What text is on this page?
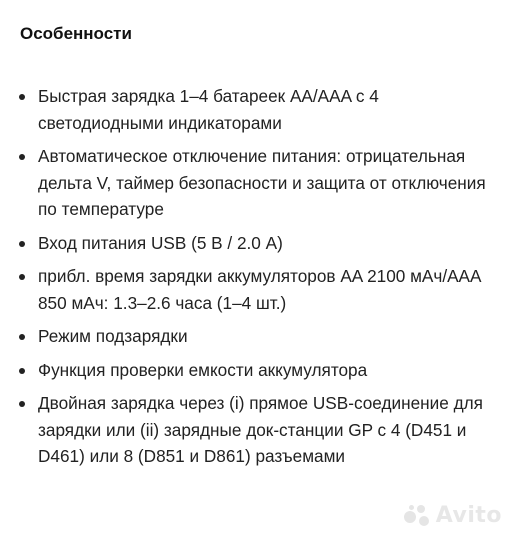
Особенности
Быстрая зарядка 1–4 батареек AA/AAA с 4 светодиодными индикаторами
Автоматическое отключение питания: отрицательная дельта V, таймер безопасности и защита от отключения по температуре
Вход питания USB (5 В / 2.0 А)
прибл. время зарядки аккумуляторов AA 2100 мАч/AAA 850 мАч: 1.3–2.6 часа (1–4 шт.)
Режим подзарядки
Функция проверки емкости аккумулятора
Двойная зарядка через (i) прямое USB-соединение для зарядки или (ii) зарядные док-станции GP с 4 (D451 и D461) или 8 (D851 и D861) разъемами
Avito
